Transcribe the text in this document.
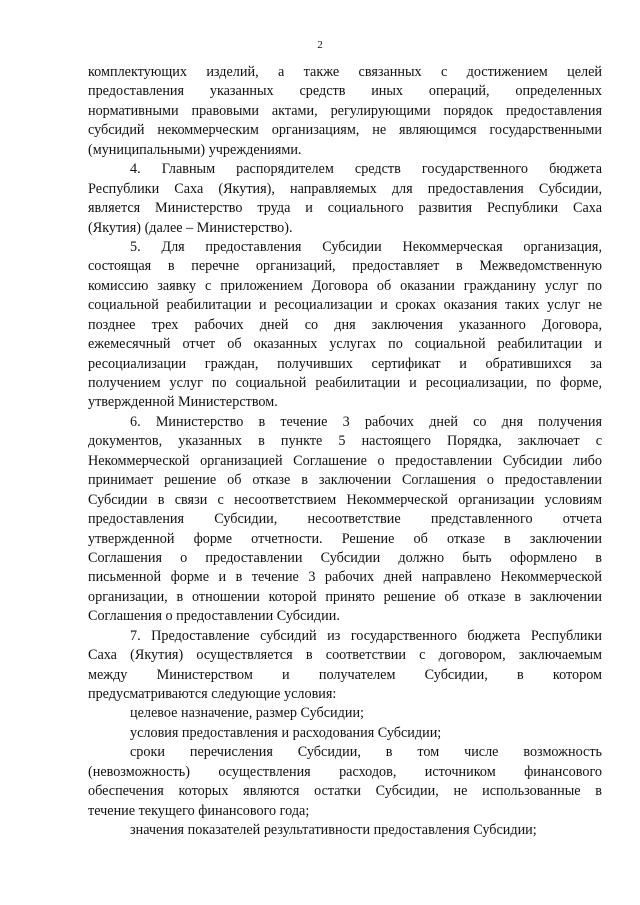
2
комплектующих изделий, а также связанных с достижением целей
предоставления указанных средств иных операций, определенных
нормативными правовыми актами, регулирующими порядок предоставления
субсидий некоммерческим организациям, не являющимся государственными
(муниципальными) учреждениями.
4. Главным распорядителем средств государственного бюджета
Республики Саха (Якутия), направляемых для предоставления Субсидии,
является Министерство труда и социального развития Республики Саха
(Якутия) (далее – Министерство).
5. Для предоставления Субсидии Некоммерческая организация,
состоящая в перечне организаций, предоставляет в Межведомственную
комиссию заявку с приложением Договора об оказании гражданину услуг по
социальной реабилитации и ресоциализации и сроках оказания таких услуг не
позднее трех рабочих дней со дня заключения указанного Договора,
ежемесячный отчет об оказанных услугах по социальной реабилитации и
ресоциализации граждан, получивших сертификат и обратившихся за
получением услуг по социальной реабилитации и ресоциализации, по форме,
утвержденной Министерством.
6. Министерство в течение 3 рабочих дней со дня получения
документов, указанных в пункте 5 настоящего Порядка, заключает с
Некоммерческой организацией Соглашение о предоставлении Субсидии либо
принимает решение об отказе в заключении Соглашения о предоставлении
Субсидии в связи с несоответствием Некоммерческой организации условиям
предоставления Субсидии, несоответствие представленного отчета
утвержденной форме отчетности. Решение об отказе в заключении
Соглашения о предоставлении Субсидии должно быть оформлено в
письменной форме и в течение 3 рабочих дней направлено Некоммерческой
организации, в отношении которой принято решение об отказе в заключении
Соглашения о предоставлении Субсидии.
7. Предоставление субсидий из государственного бюджета Республики
Саха (Якутия) осуществляется в соответствии с договором, заключаемым
между Министерством и получателем Субсидии, в котором
предусматриваются следующие условия:
целевое назначение, размер Субсидии;
условия предоставления и расходования Субсидии;
сроки перечисления Субсидии, в том числе возможность
(невозможность) осуществления расходов, источником финансового
обеспечения которых являются остатки Субсидии, не использованные в
течение текущего финансового года;
значения показателей результативности предоставления Субсидии;
